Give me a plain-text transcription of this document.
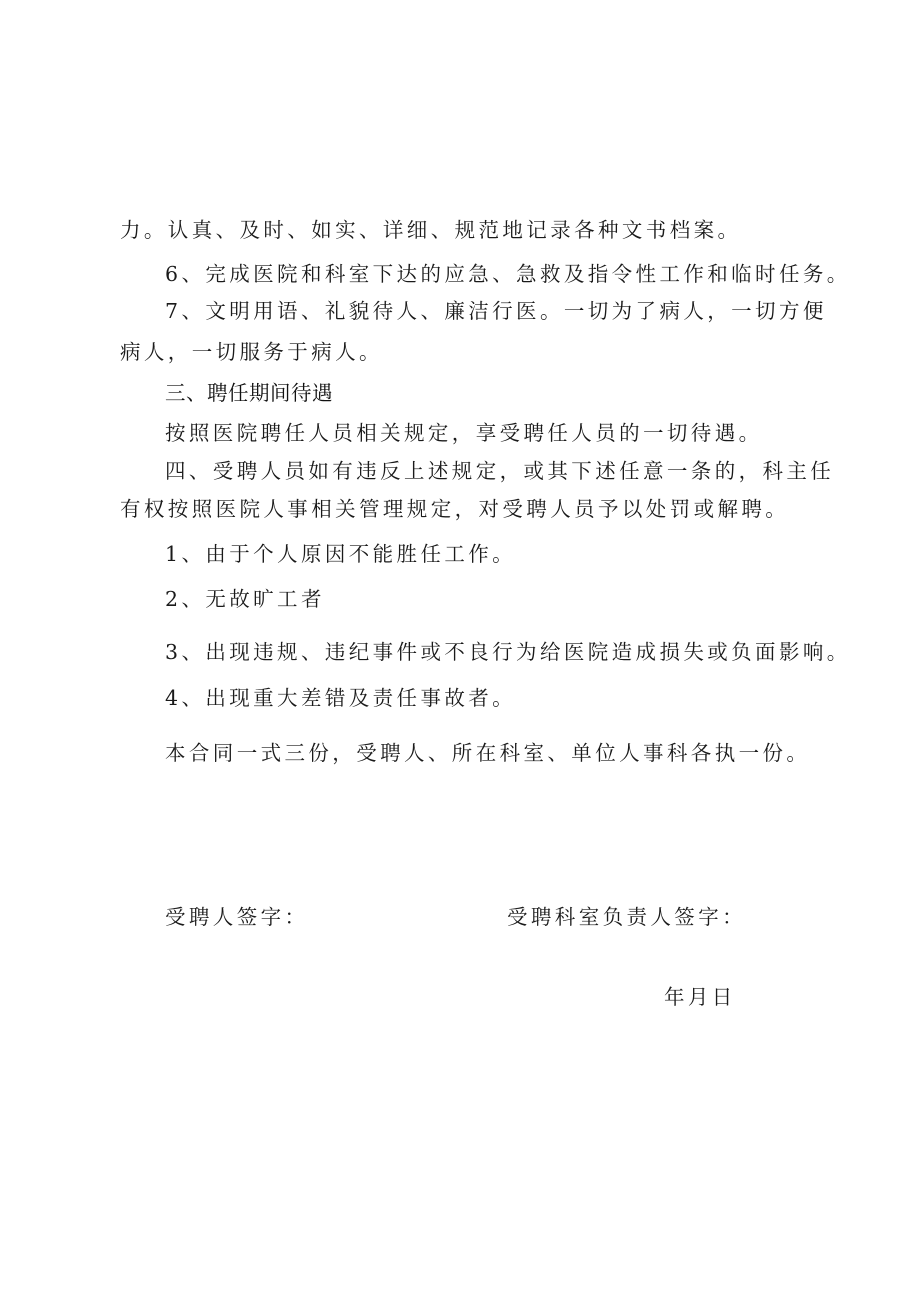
力。认真、及时、如实、详细、规范地记录各种文书档案。
6、完成医院和科室下达的应急、急救及指令性工作和临时任务。
7、文明用语、礼貌待人、廉洁行医。一切为了病人，一切方便
病人，一切服务于病人。
三、聘任期间待遇
按照医院聘任人员相关规定，享受聘任人员的一切待遇。
四、受聘人员如有违反上述规定，或其下述任意一条的，科主任
有权按照医院人事相关管理规定，对受聘人员予以处罚或解聘。
1、由于个人原因不能胜任工作。
2、无故旷工者
3、出现违规、违纪事件或不良行为给医院造成损失或负面影响。
4、出现重大差错及责任事故者。
本合同一式三份，受聘人、所在科室、单位人事科各执一份。
受聘人签字：	受聘科室负责人签字：
年月日
